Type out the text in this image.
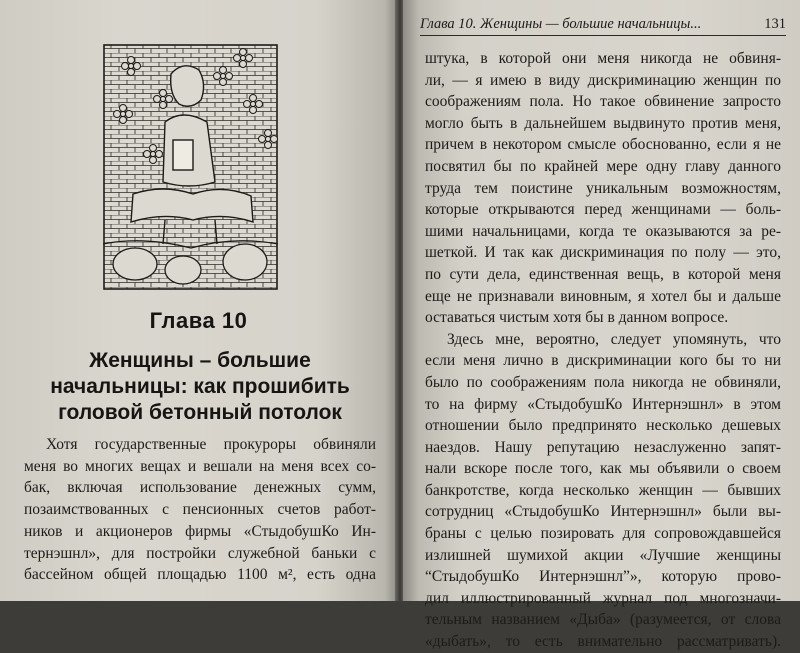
Глава 10
Женщины – большие
начальницы: как прошибить
головой бетонный потолок
Хотя государственные прокуроры обвиняли
меня во многих вещах и вешали на меня всех со-
бак, включая использование денежных сумм,
позаимствованных с пенсионных счетов работ-
ников и акционеров фирмы «СтыдобушКо Ин-
тернэшнл», для постройки служебной баньки с
бассейном общей площадью 1100 м², есть одна
Глава 10. Женщины — большие начальницы...	131
штука, в которой они меня никогда не обвиня-
ли, — я имею в виду дискриминацию женщин по
соображениям пола. Но такое обвинение запросто
могло быть в дальнейшем выдвинуто против меня,
причем в некотором смысле обоснованно, если я не
посвятил бы по крайней мере одну главу данного
труда тем поистине уникальным возможностям,
которые открываются перед женщинами — боль-
шими начальницами, когда те оказываются за ре-
шеткой. И так как дискриминация по полу — это,
по сути дела, единственная вещь, в которой меня
еще не признавали виновным, я хотел бы и дальше
оставаться чистым хотя бы в данном вопросе.
Здесь мне, вероятно, следует упомянуть, что
если меня лично в дискриминации кого бы то ни
было по соображениям пола никогда не обвиняли,
то на фирму «СтыдобушКо Интернэшнл» в этом
отношении было предпринято несколько дешевых
наездов. Нашу репутацию незаслуженно запят-
нали вскоре после того, как мы объявили о своем
банкротстве, когда несколько женщин — бывших
сотрудниц «СтыдобушКо Интернэшнл» были вы-
браны с целью позировать для сопровождавшейся
излишней шумихой акции «Лучшие женщины
“СтыдобушКо Интернэшнл”», которую прово-
дил иллюстрированный журнал под многозначи-
тельным названием «Дыба» (разумеется, от слова
«дыбать», то есть внимательно рассматривать).
